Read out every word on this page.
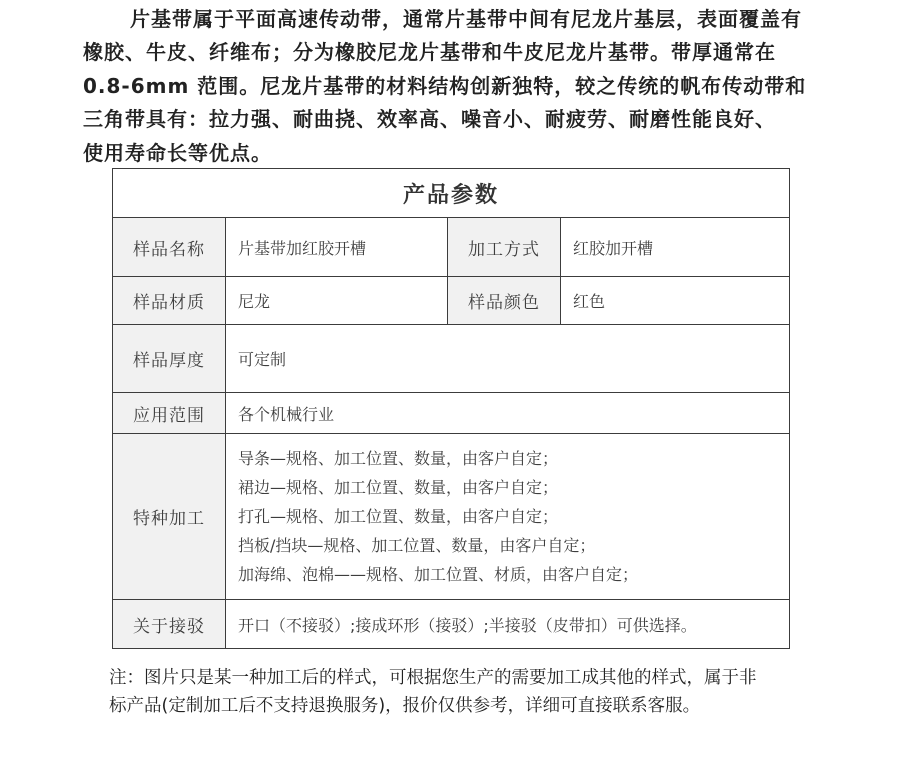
片基带属于平面高速传动带，通常片基带中间有尼龙片基层，表面覆盖有
橡胶、牛皮、纤维布；分为橡胶尼龙片基带和牛皮尼龙片基带。带厚通常在
0.8-6mm 范围。尼龙片基带的材料结构创新独特，较之传统的帆布传动带和
三角带具有：拉力强、耐曲挠、效率高、噪音小、耐疲劳、耐磨性能良好、
使用寿命长等优点。
产品参数			
样品名称	片基带加红胶开槽	加工方式	红胶加开槽
样品材质	尼龙	样品颜色	红色
样品厚度	可定制		
应用范围	各个机械行业		
特种加工	导条—规格、加工位置、数量，由客户自定；
裙边—规格、加工位置、数量，由客户自定；
打孔—规格、加工位置、数量，由客户自定；
挡板/挡块—规格、加工位置、数量，由客户自定；
加海绵、泡棉——规格、加工位置、材质，由客户自定；		

关于接驳	开口（不接驳）;接成环形（接驳）;半接驳（皮带扣）可供选择。		
注：图片只是某一种加工后的样式，可根据您生产的需要加工成其他的样式，属于非
标产品(定制加工后不支持退换服务)，报价仅供参考，详细可直接联系客服。
